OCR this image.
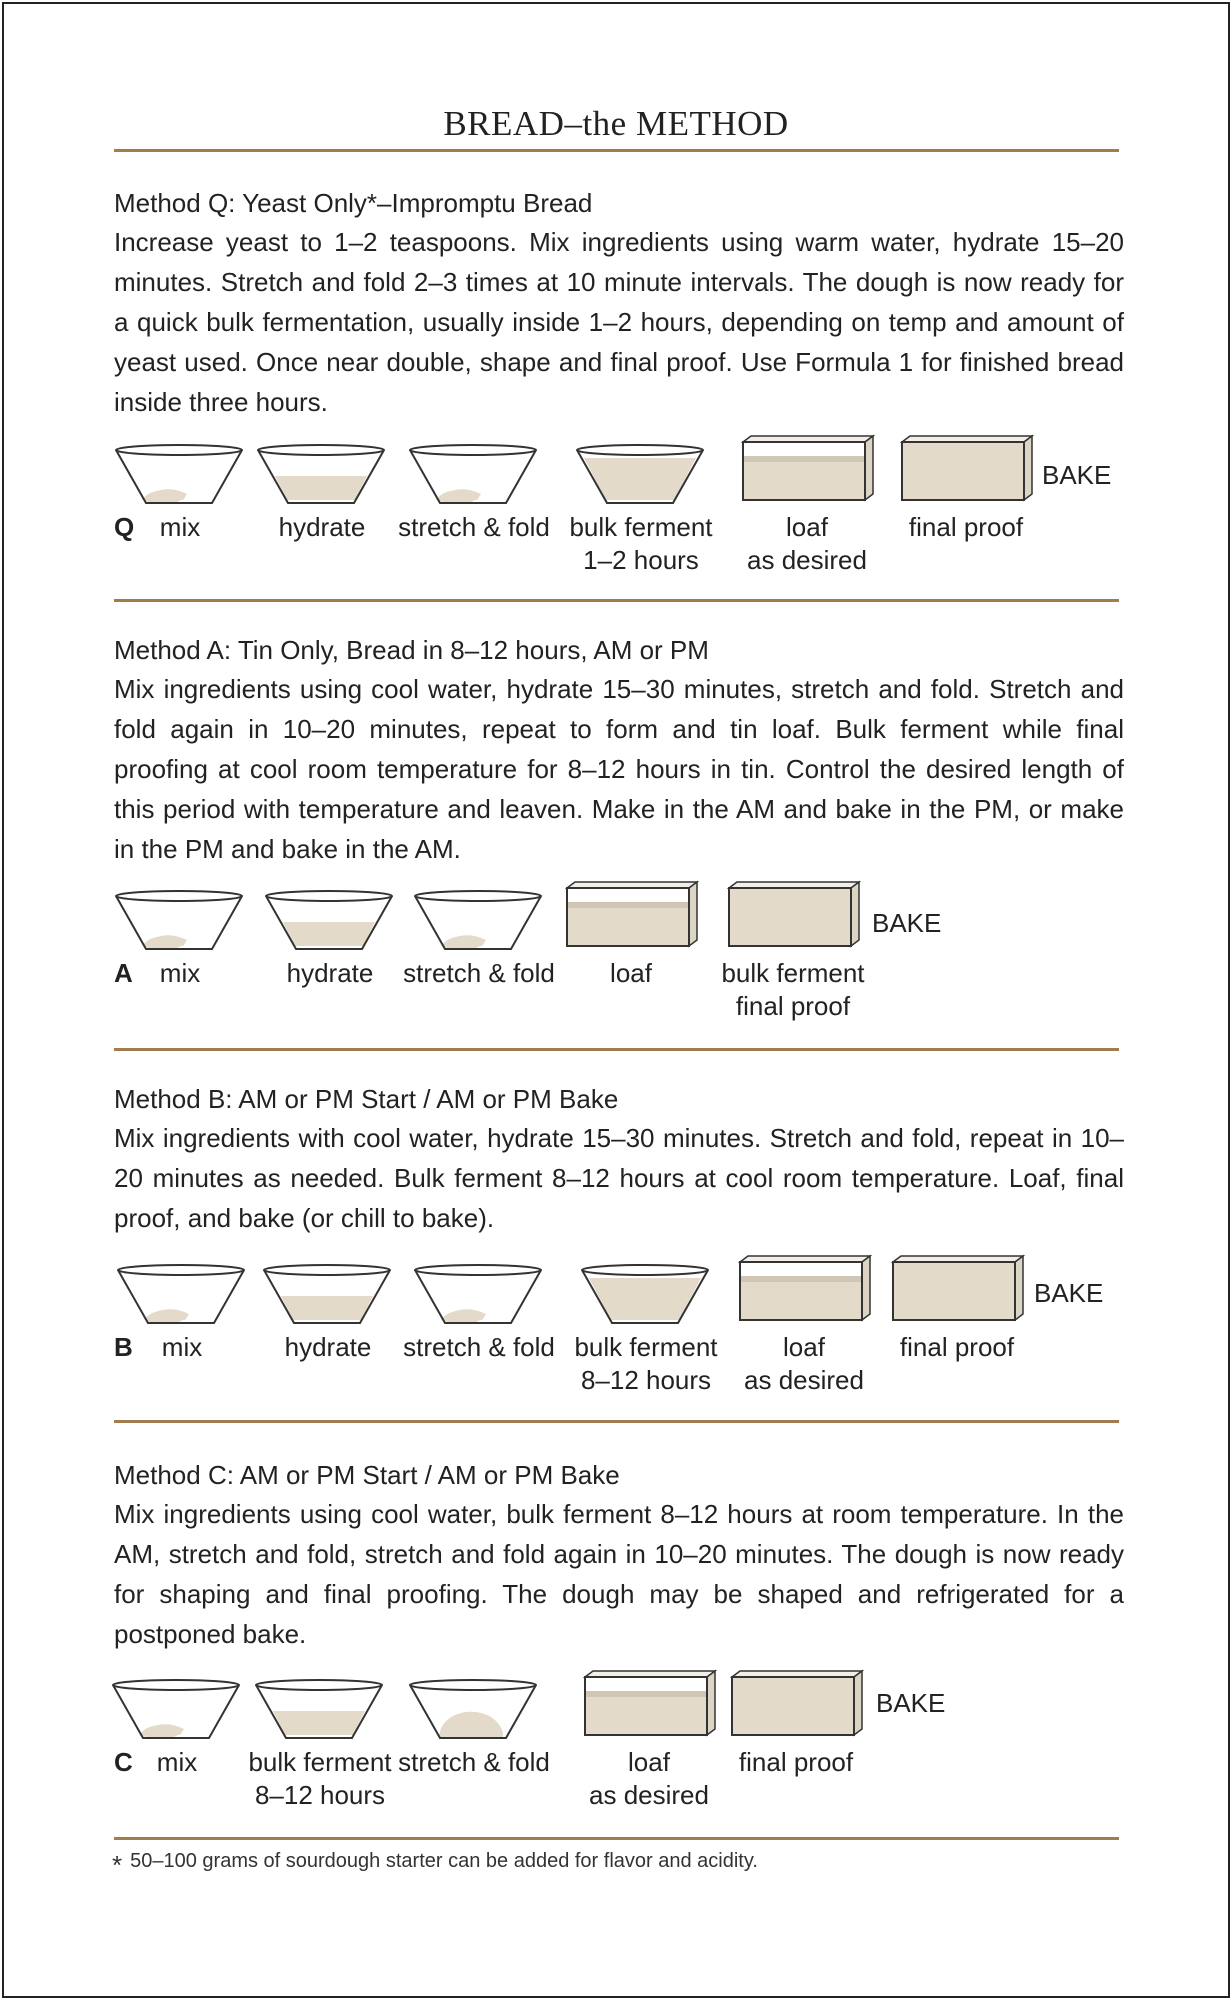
BREAD–the METHOD
Method Q: Yeast Only*–Impromptu Bread
Increase yeast to 1–2 teaspoons. Mix ingredients using warm water, hydrate 15–20 minutes. Stretch and fold 2–3 times at 10 minute intervals. The dough is now ready for a quick bulk fermentation, usually inside 1–2 hours, depending on temp and amount of yeast used. Once near double, shape and final proof. Use Formula 1 for finished bread inside three hours.
mix	hydrate stretch & fold bulk ferment
1–2 hours
loaf
as desired
final proof
Q
BAKE
Method A: Tin Only, Bread in 8–12 hours, AM or PM
Mix ingredients using cool water, hydrate 15–30 minutes, stretch and fold. Stretch and fold again in 10–20 minutes, repeat to form and tin loaf. Bulk ferment while final proofing at cool room temperature for 8–12 hours in tin. Control the desired length of this period with temperature and leaven. Make in the AM and bake in the PM, or make in the PM and bake in the AM.
mix	hydrate stretch & fold loaf	bulk ferment
final proof
A
BAKE
Method B: AM or PM Start / AM or PM Bake
Mix ingredients with cool water, hydrate 15–30 minutes. Stretch and fold, repeat in 10–20 minutes as needed. Bulk ferment 8–12 hours at cool room temperature. Loaf, final proof, and bake (or chill to bake).
mix	hydrate stretch & fold bulk ferment
8–12 hours
loaf
as desired
final proof
B
BAKE
Method C: AM or PM Start / AM or PM Bake
Mix ingredients using cool water, bulk ferment 8–12 hours at room temperature. In the AM, stretch and fold, stretch and fold again in 10–20 minutes. The dough is now ready for shaping and final proofing. The dough may be shaped and refrigerated for a postponed bake.
mix bulk ferment
8–12 hours
stretch & fold	loaf
as desired
final proof
C
BAKE
* 50–100 grams of sourdough starter can be added for flavor and acidity.
